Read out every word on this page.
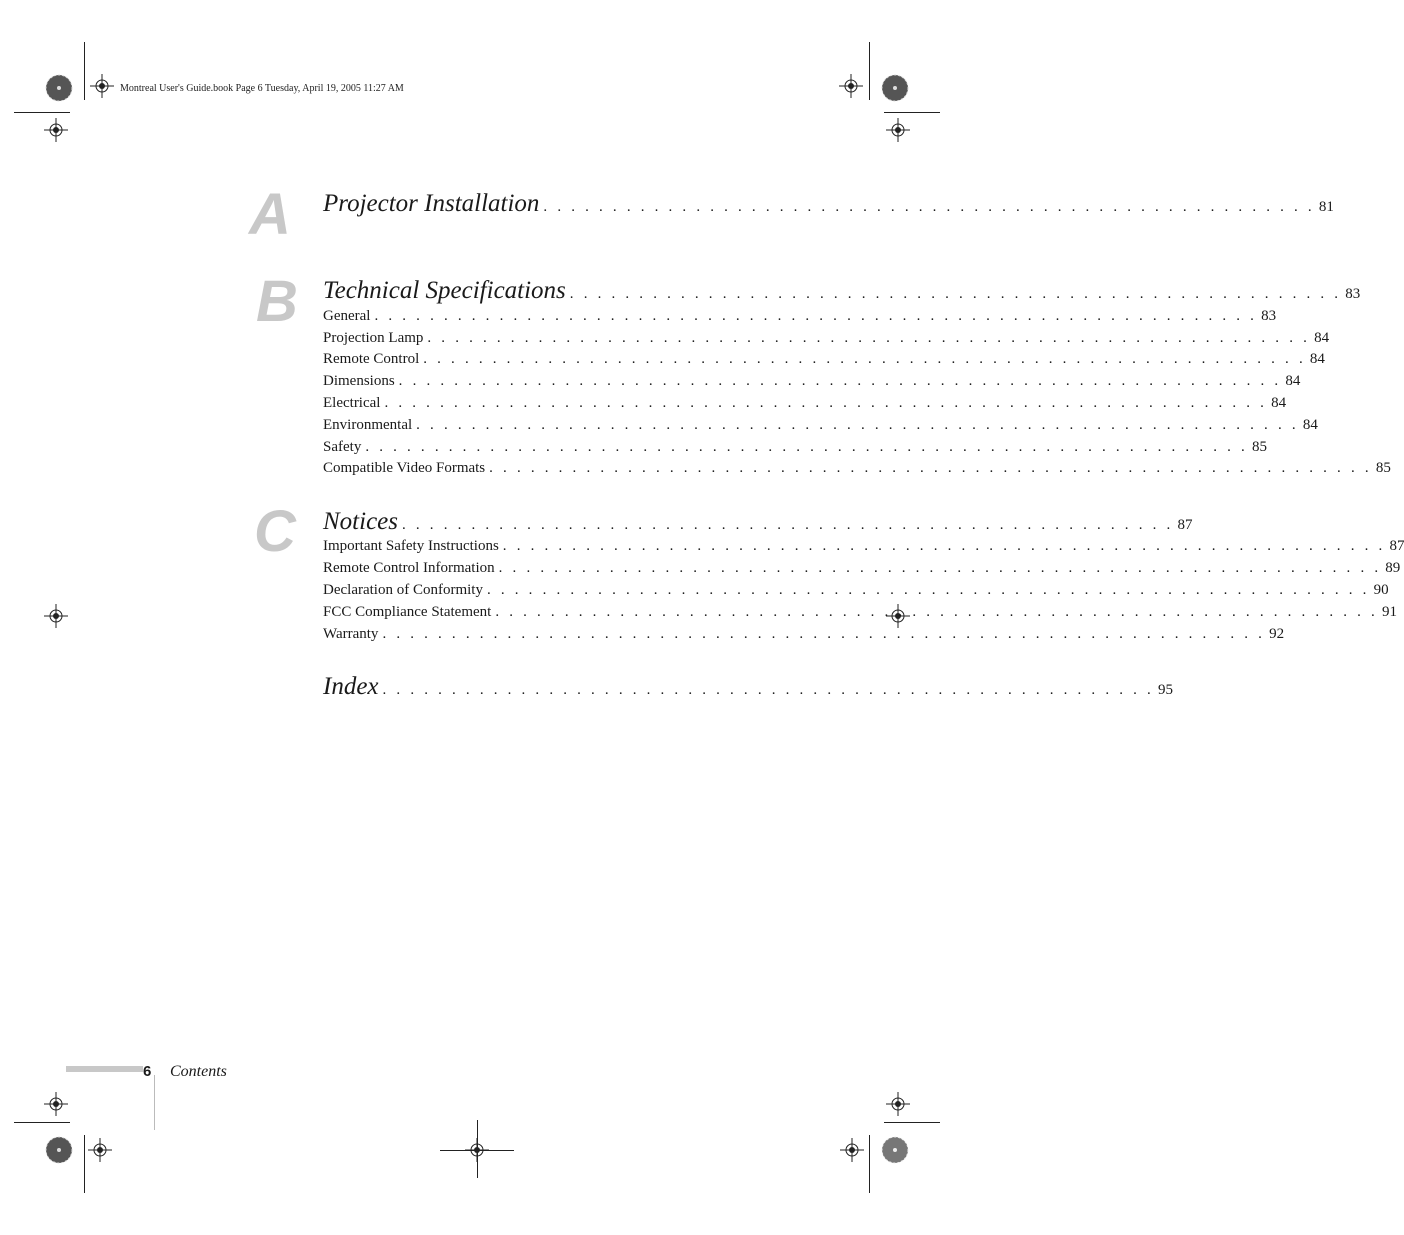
Montreal User's Guide.book Page 6 Tuesday, April 19, 2005 11:27 AM
A Projector Installation . . . . . . . . . . . . . . . . . . . . . . . . . . . . . . . . . . . . . . . . . . . . . . . . . . . . . . . . 81
B Technical Specifications . . . . . . . . . . . . . . . . . . . . . . . . . . . . . . . . . . . . . . . . . . . . . . . . . . . . . . . . 83
General . . . . . . . . . . . . . . . . . . . . . . . . . . . . . . . . . . . . . . . . . . . . . . . . . . . . . . . . . . . . . . . . 83
Projection Lamp . . . . . . . . . . . . . . . . . . . . . . . . . . . . . . . . . . . . . . . . . . . . . . . . . . . . . . . . . . . . . . . . 84
Remote Control . . . . . . . . . . . . . . . . . . . . . . . . . . . . . . . . . . . . . . . . . . . . . . . . . . . . . . . . . . . . . . . . 84
Dimensions . . . . . . . . . . . . . . . . . . . . . . . . . . . . . . . . . . . . . . . . . . . . . . . . . . . . . . . . . . . . . . . . 84
Electrical . . . . . . . . . . . . . . . . . . . . . . . . . . . . . . . . . . . . . . . . . . . . . . . . . . . . . . . . . . . . . . . . 84
Environmental . . . . . . . . . . . . . . . . . . . . . . . . . . . . . . . . . . . . . . . . . . . . . . . . . . . . . . . . . . . . . . . . 84
Safety . . . . . . . . . . . . . . . . . . . . . . . . . . . . . . . . . . . . . . . . . . . . . . . . . . . . . . . . . . . . . . . . 85
Compatible Video Formats . . . . . . . . . . . . . . . . . . . . . . . . . . . . . . . . . . . . . . . . . . . . . . . . . . . . . . . . . . . . . . . . 85
C Notices . . . . . . . . . . . . . . . . . . . . . . . . . . . . . . . . . . . . . . . . . . . . . . . . . . . . . . . . 87
Important Safety Instructions . . . . . . . . . . . . . . . . . . . . . . . . . . . . . . . . . . . . . . . . . . . . . . . . . . . . . . . . . . . . . . . . 87
Remote Control Information . . . . . . . . . . . . . . . . . . . . . . . . . . . . . . . . . . . . . . . . . . . . . . . . . . . . . . . . . . . . . . . . 89
Declaration of Conformity . . . . . . . . . . . . . . . . . . . . . . . . . . . . . . . . . . . . . . . . . . . . . . . . . . . . . . . . . . . . . . . . 90
FCC Compliance Statement . . . . . . . . . . . . . . . . . . . . . . . . . . . . . . . . . . . . . . . . . . . . . . . . . . . . . . . . . . . . . . . . 91
Warranty . . . . . . . . . . . . . . . . . . . . . . . . . . . . . . . . . . . . . . . . . . . . . . . . . . . . . . . . . . . . . . . . 92
Index . . . . . . . . . . . . . . . . . . . . . . . . . . . . . . . . . . . . . . . . . . . . . . . . . . . . . . . . 95
6 Contents
